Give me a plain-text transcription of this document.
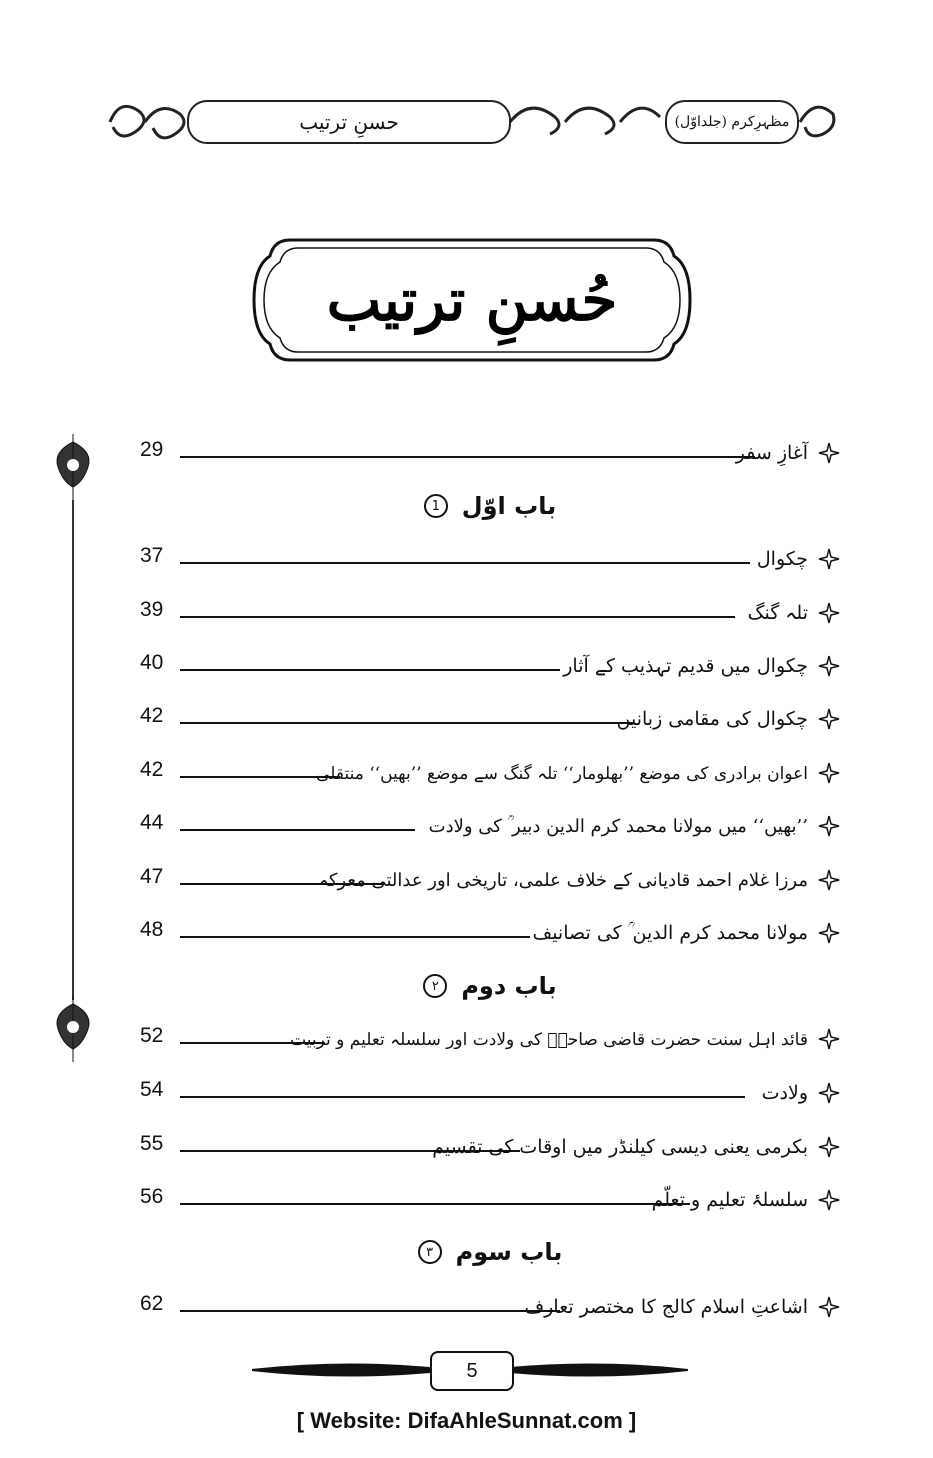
حسنِ ترتیب	مظہرِکرم (جلداوّل)
حُسنِ ترتیب
29	آغازِ سفر
باب اوّل
1
37	چکوال
39	تلہ گنگ
40	چکوال میں قدیم تہذیب کے آثار
42	چکوال کی مقامی زبانیں
42	اعوان برادری کی موضع ’’بھلومار‘‘ تلہ گنگ سے موضع ’’بھیں‘‘ منتقلی
44	’’بھیں‘‘ میں مولانا محمد کرم الدین دبیر ؒ کی ولادت
47	مرزا غلام احمد قادیانی کے خلاف علمی، تاریخی اور عدالتی معرکہ
48	مولانا محمد کرم الدین ؒ کی تصانیف
باب دوم
۲
52	قائد اہل سنت حضرت قاضی صاحبؒ کی ولادت اور سلسلہ تعلیم و تربیت
54	ولادت
55	بکرمی یعنی دیسی کیلنڈر میں اوقات کی تقسیم
56	سلسلۂ تعلیم و تعلّم
باب سوم
۳
62	اشاعتِ اسلام کالج کا مختصر تعارف
5
[ Website: DifaAhleSunnat.com ]
